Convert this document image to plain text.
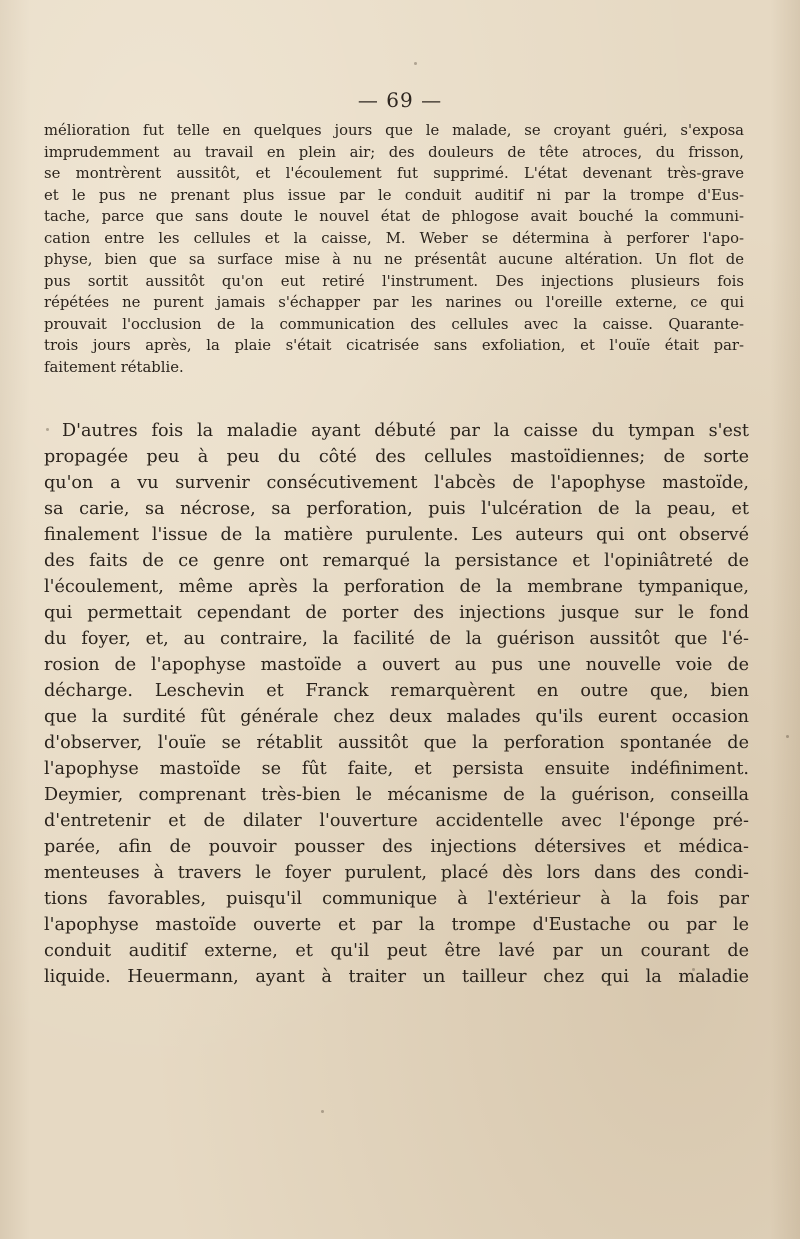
— 69 —
mélioration fut telle en quelques jours que le malade, se croyant guéri, s'exposa
imprudemment au travail en plein air; des douleurs de tête atroces, du frisson,
se montrèrent aussitôt, et l'écoulement fut supprimé. L'état devenant très-grave
et le pus ne prenant plus issue par le conduit auditif ni par la trompe d'Eus-
tache, parce que sans doute le nouvel état de phlogose avait bouché la communi-
cation entre les cellules et la caisse, M. Weber se détermina à perforer l'apo-
physe, bien que sa surface mise à nu ne présentât aucune altération. Un flot de
pus sortit aussitôt qu'on eut retiré l'instrument. Des injections plusieurs fois
répétées ne purent jamais s'échapper par les narines ou l'oreille externe, ce qui
prouvait l'occlusion de la communication des cellules avec la caisse. Quarante-
trois jours après, la plaie s'était cicatrisée sans exfoliation, et l'ouïe était par-
faitement rétablie.
D'autres fois la maladie ayant débuté par la caisse du tympan s'est
propagée peu à peu du côté des cellules mastoïdiennes; de sorte
qu'on a vu survenir consécutivement l'abcès de l'apophyse mastoïde,
sa carie, sa nécrose, sa perforation, puis l'ulcération de la peau, et
finalement l'issue de la matière purulente. Les auteurs qui ont observé
des faits de ce genre ont remarqué la persistance et l'opiniâtreté de
l'écoulement, même après la perforation de la membrane tympanique,
qui permettait cependant de porter des injections jusque sur le fond
du foyer, et, au contraire, la facilité de la guérison aussitôt que l'é-
rosion de l'apophyse mastoïde a ouvert au pus une nouvelle voie de
décharge. Leschevin et Franck remarquèrent en outre que, bien
que la surdité fût générale chez deux malades qu'ils eurent occasion
d'observer, l'ouïe se rétablit aussitôt que la perforation spontanée de
l'apophyse mastoïde se fût faite, et persista ensuite indéfiniment.
Deymier, comprenant très-bien le mécanisme de la guérison, conseilla
d'entretenir et de dilater l'ouverture accidentelle avec l'éponge pré-
parée, afin de pouvoir pousser des injections détersives et médica-
menteuses à travers le foyer purulent, placé dès lors dans des condi-
tions favorables, puisqu'il communique à l'extérieur à la fois par
l'apophyse mastoïde ouverte et par la trompe d'Eustache ou par le
conduit auditif externe, et qu'il peut être lavé par un courant de
liquide. Heuermann, ayant à traiter un tailleur chez qui la maladie
